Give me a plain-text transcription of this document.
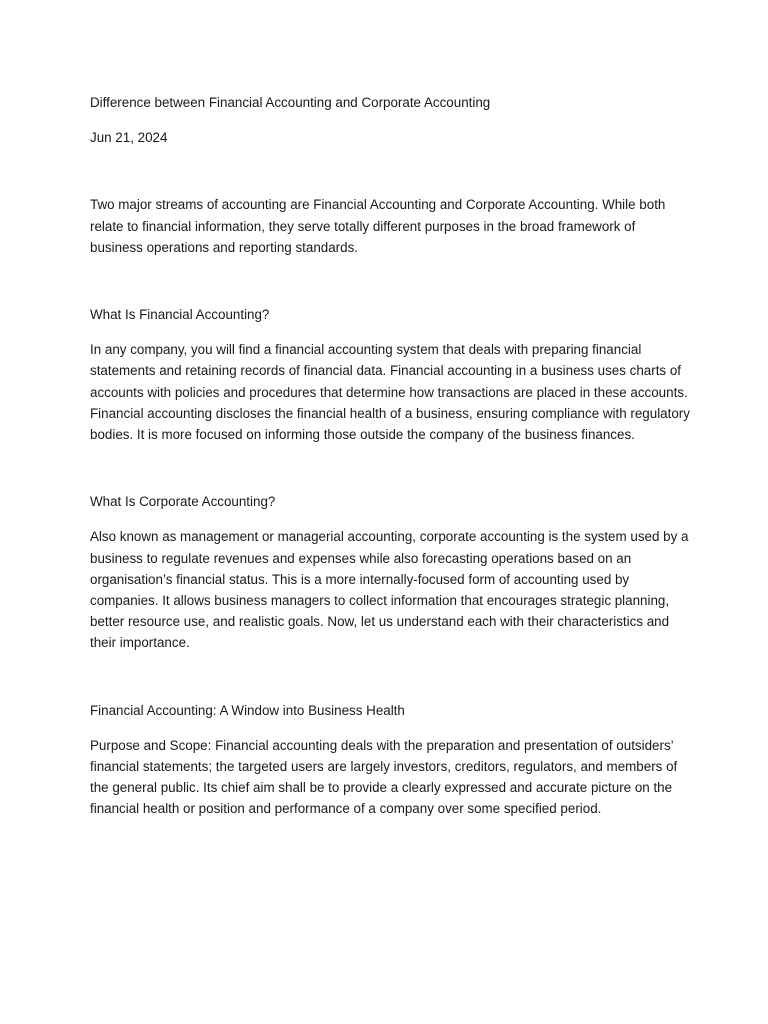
Difference between Financial Accounting and Corporate Accounting

Jun 21, 2024

Two major streams of accounting are Financial Accounting and Corporate Accounting. While both relate to financial information, they serve totally different purposes in the broad framework of business operations and reporting standards.

What Is Financial Accounting?

In any company, you will find a financial accounting system that deals with preparing financial statements and retaining records of financial data. Financial accounting in a business uses charts of accounts with policies and procedures that determine how transactions are placed in these accounts. Financial accounting discloses the financial health of a business, ensuring compliance with regulatory bodies. It is more focused on informing those outside the company of the business finances.

What Is Corporate Accounting?

Also known as management or managerial accounting, corporate accounting is the system used by a business to regulate revenues and expenses while also forecasting operations based on an organisation’s financial status. This is a more internally-focused form of accounting used by companies. It allows business managers to collect information that encourages strategic planning, better resource use, and realistic goals. Now, let us understand each with their characteristics and their importance.

Financial Accounting: A Window into Business Health

Purpose and Scope: Financial accounting deals with the preparation and presentation of outsiders’ financial statements; the targeted users are largely investors, creditors, regulators, and members of the general public. Its chief aim shall be to provide a clearly expressed and accurate picture on the financial health or position and performance of a company over some specified period.
